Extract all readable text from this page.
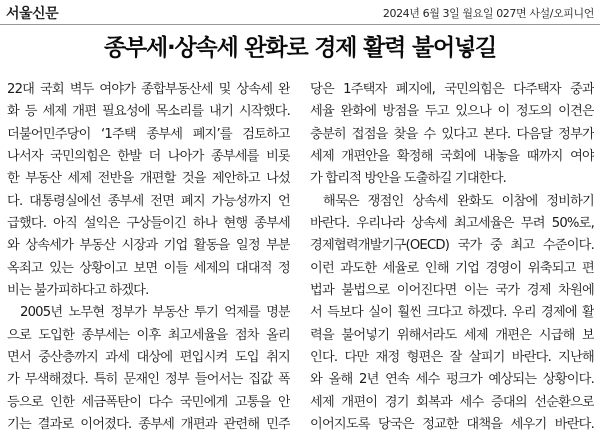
서울신문	2024년 6월 3일 월요일 027면 사설/오피니언
종부세·상속세 완화로 경제 활력 불어넣길
22대 국회 벽두 여야가 종합부동산세 및 상속세 완
화 등 세제 개편 필요성에 목소리를 내기 시작했다.
더불어민주당이 ‘1주택 종부세 폐지’를 검토하고
나서자 국민의힘은 한발 더 나아가 종부세를 비롯
한 부동산 세제 전반을 개편할 것을 제안하고 나섰
다. 대통령실에선 종부세 전면 폐지 가능성까지 언
급했다. 아직 설익은 구상들이긴 하나 현행 종부세
와 상속세가 부동산 시장과 기업 활동을 일정 부분
옥죄고 있는 상황이고 보면 이들 세제의 대대적 정
비는 불가피하다고 하겠다.
2005년 노무현 정부가 부동산 투기 억제를 명분
으로 도입한 종부세는 이후 최고세율을 점차 올리
면서 중산층까지 과세 대상에 편입시켜 도입 취지
가 무색해졌다. 특히 문재인 정부 들어서는 집값 폭
등으로 인한 세금폭탄이 다수 국민에게 고통을 안
기는 결과로 이어졌다. 종부세 개편과 관련해 민주
당은 1주택자 폐지에, 국민의힘은 다주택자 중과
세율 완화에 방점을 두고 있으나 이 정도의 이견은
충분히 접점을 찾을 수 있다고 본다. 다음달 정부가
세제 개편안을 확정해 국회에 내놓을 때까지 여야
가 합리적 방안을 도출하길 기대한다.
해묵은 쟁점인 상속세 완화도 이참에 정비하기
바란다. 우리나라 상속세 최고세율은 무려 50%로,
경제협력개발기구(OECD) 국가 중 최고 수준이다.
이런 과도한 세율로 인해 기업 경영이 위축되고 편
법과 불법으로 이어진다면 이는 국가 경제 차원에
서 득보다 실이 훨씬 크다고 하겠다. 우리 경제에 활
력을 불어넣기 위해서라도 세제 개편은 시급해 보
인다. 다만 재정 형편은 잘 살피기 바란다. 지난해
와 올해 2년 연속 세수 펑크가 예상되는 상황이다.
세제 개편이 경기 회복과 세수 증대의 선순환으로
이어지도록 당국은 정교한 대책을 세우기 바란다.
